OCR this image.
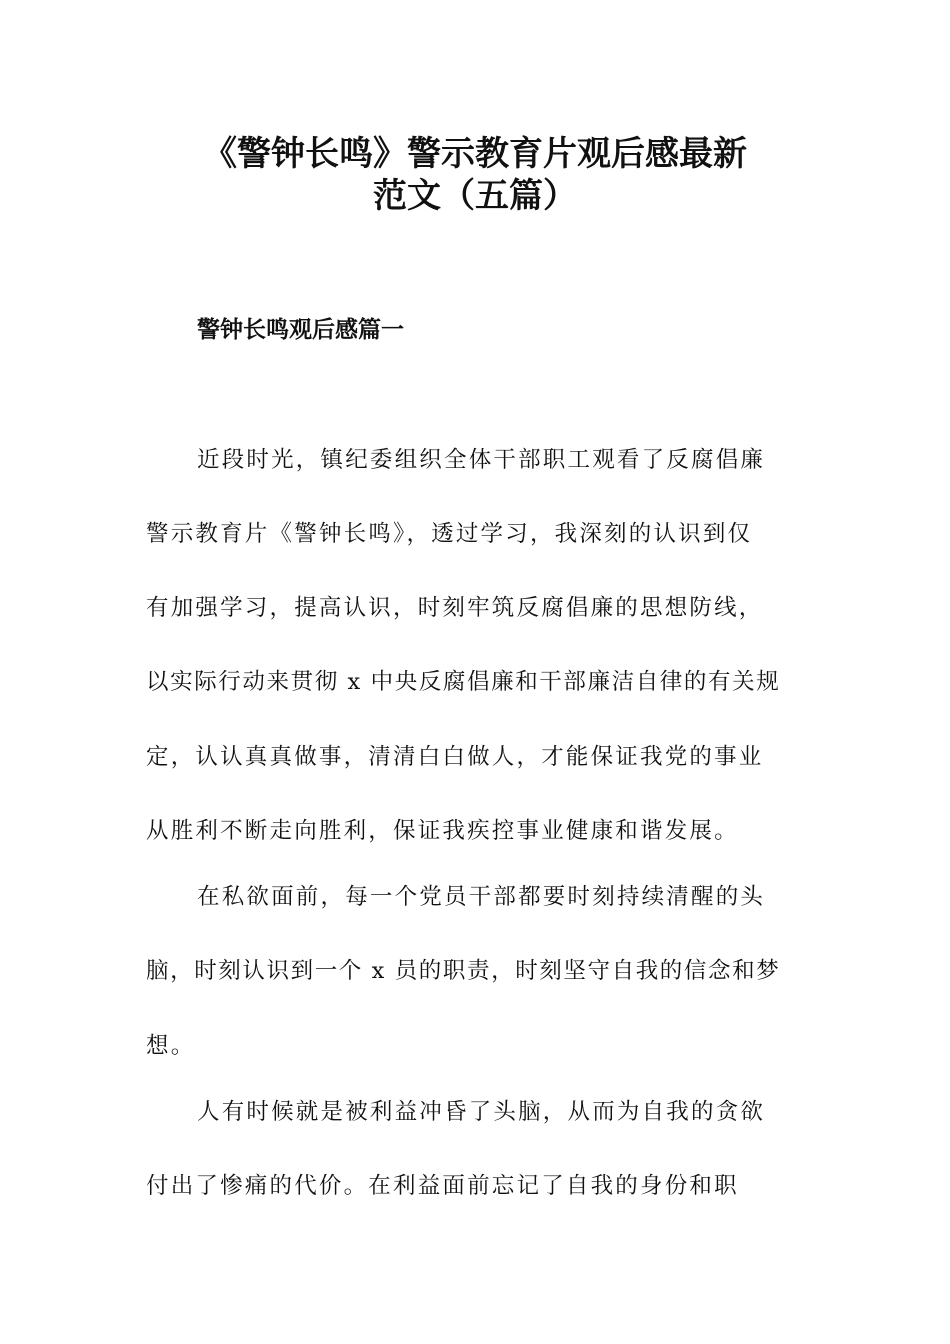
《警钟长鸣》警示教育片观后感最新
范文（五篇）
警钟长鸣观后感篇一
近段时光，镇纪委组织全体干部职工观看了反腐倡廉
警示教育片《警钟长鸣》，透过学习，我深刻的认识到仅
有加强学习，提高认识，时刻牢筑反腐倡廉的思想防线，
以实际行动来贯彻 x 中央反腐倡廉和干部廉洁自律的有关规
定，认认真真做事，清清白白做人，才能保证我党的事业
从胜利不断走向胜利，保证我疾控事业健康和谐发展。
在私欲面前，每一个党员干部都要时刻持续清醒的头
脑，时刻认识到一个 x 员的职责，时刻坚守自我的信念和梦
想。
人有时候就是被利益冲昏了头脑，从而为自我的贪欲
付出了惨痛的代价。在利益面前忘记了自我的身份和职
